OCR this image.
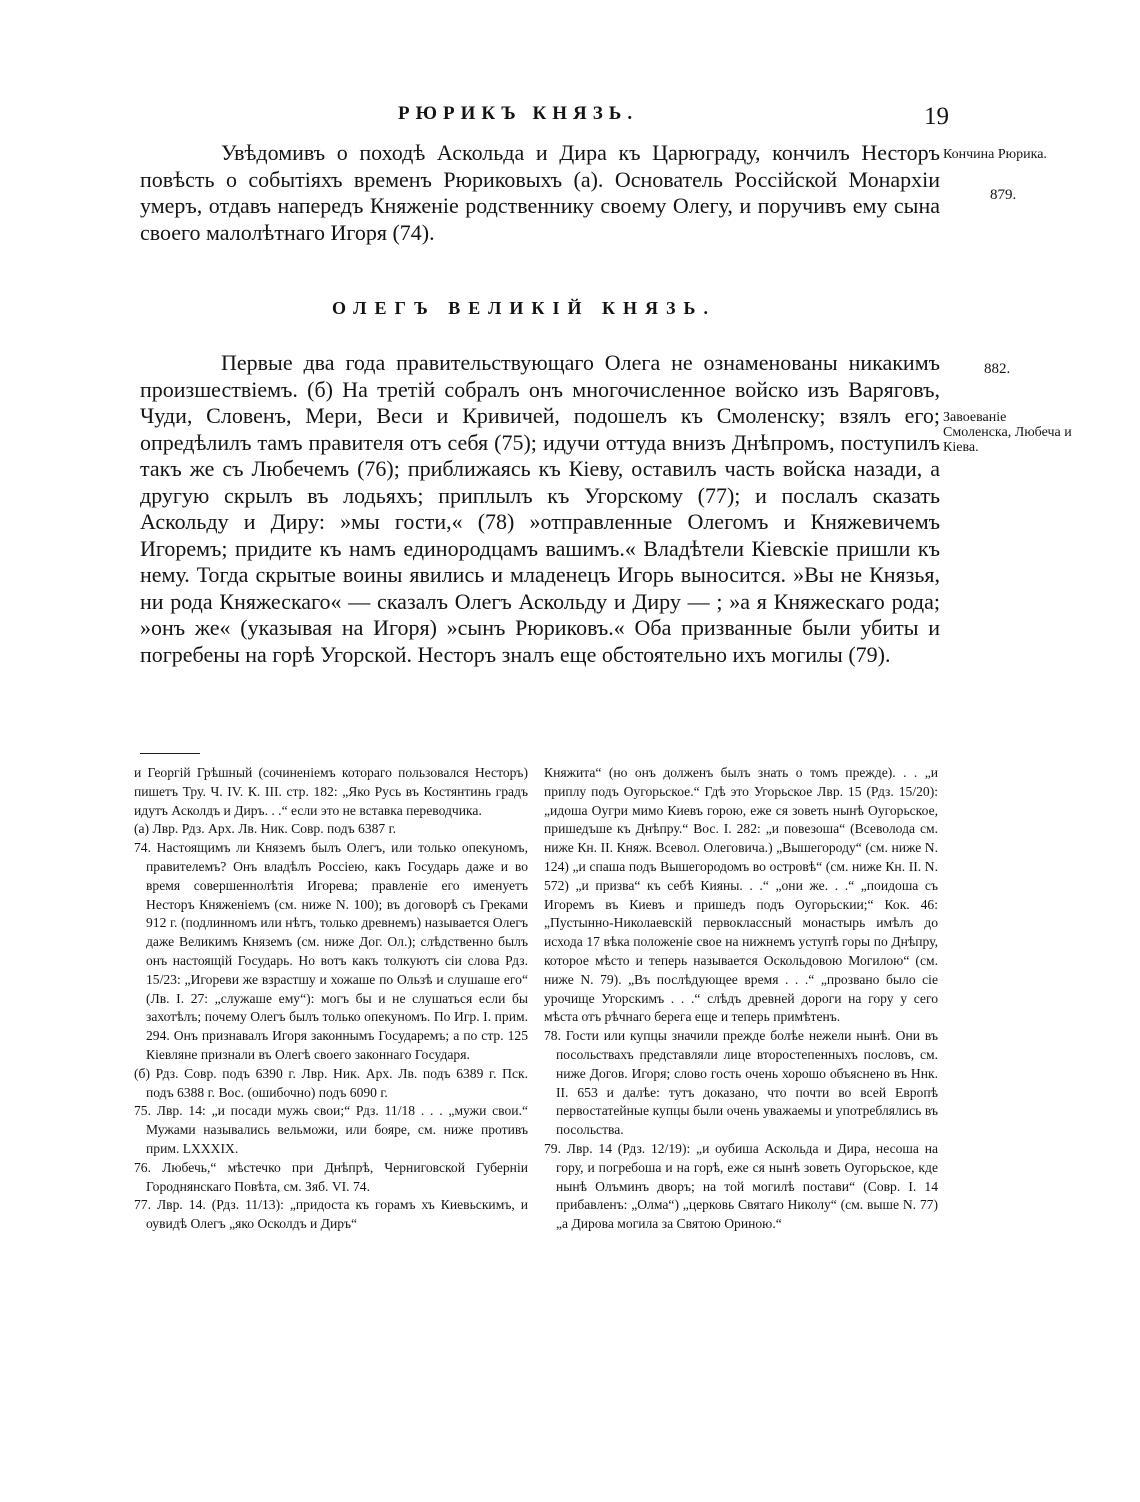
РЮРИКЪ КНЯЗЬ.	19

Увѣдомивъ о походѣ Аскольда и Дира къ Царюграду, кончилъ Несторъ повѣсть о событiяхъ временъ Рюриковыхъ (а). Основатель Россiйской Монархiи умеръ, отдавъ напередъ Княженiе родственнику своему Олегу, и поручивъ ему сына своего малолѣтнаго Игоря (74).

Кончина Рюрика.
879.
ОЛЕГЪ ВЕЛИКIЙ КНЯЗЬ.

Первые два года правительствующаго Олега не ознаменованы никакимъ произшествiемъ. (б) На третiй собралъ онъ многочисленное войско изъ Варяговъ, Чуди, Словенъ, Мери, Веси и Кривичей, подошелъ къ Смоленску; взялъ его; опредѣлилъ тамъ правителя отъ себя (75); идучи оттуда внизъ Днѣпромъ, поступилъ такъ же съ Любечемъ (76); приближаясь къ Кiеву, оставилъ часть войска назади, а другую скрылъ въ лодьяхъ; приплылъ къ Угорскому (77); и послалъ сказать Аскольду и Диру: »мы гости,« (78) »отправленные Олегомъ и Княжевичемъ Игоремъ; придите къ намъ единородцамъ вашимъ.« Владѣтели Кiевскiе пришли къ нему. Тогда скрытые воины явились и младенецъ Игорь выносится. »Вы не Князья, ни рода Княжескаго« — сказалъ Олегъ Аскольду и Диру — ; »а я Княжескаго рода; »онъ же« (указывая на Игоря) »сынъ Рюриковъ.« Оба призванные были убиты и погребены на горѣ Угорской. Несторъ зналъ еще обстоятельно ихъ могилы (79).

882.
Завоеванiе Смоленска, Любеча и Кiева.

и Георгiй Грѣшный (сочиненiемъ котораго пользовался Несторъ) пишетъ Тру. Ч. IV. К. III. стр. 182: „Яко Русь въ Костянтинь градъ идутъ Асколдъ и Диръ. . .“ если это не вставка переводчика.

(а) Лвр. Рдз. Арх. Лв. Ник. Совр. подъ 6387 г.

74. Настоящимъ ли Княземъ былъ Олегъ, или только опекуномъ, правителемъ? Онъ владѣлъ Россiею, какъ Государь даже и во время совершеннолѣтiя Игорева; правленiе его именуетъ Несторъ Княженiемъ (см. ниже N. 100); въ договорѣ съ Греками 912 г. (подлинномъ или нѣтъ, только древнемъ) называется Олегъ даже Великимъ Княземъ (см. ниже Дог. Ол.); слѣдственно былъ онъ настоящiй Государь. Но вотъ какъ толкуютъ сiи слова Рдз. 15/23: „Игореви же взрастшу и хожаше по Ользѣ и слушаше его“ (Лв. I. 27: „служаше ему“): могъ бы и не слушаться если бы захотѣлъ; почему Олегъ былъ только опекуномъ. По Игр. I. прим. 294. Онъ признавалъ Игоря законнымъ Государемъ; а по стр. 125 Кiевляне признали въ Олегѣ своего законнаго Государя.

(б) Рдз. Совр. подъ 6390 г. Лвр. Ник. Арх. Лв. подъ 6389 г. Пск. подъ 6388 г. Вос. (ошибочно) подъ 6090 г.

75. Лвр. 14: „и посади мужь свои;“ Рдз. 11/18 . . . „мужи свои.“ Мужами назывались вельможи, или бояре, см. ниже противъ прим. LXXXIX.

76. Любечь,“ мѣстечко при Днѣпрѣ, Черниговской Губернiи Городнянскаго Повѣта, см. Зяб. VI. 74.

77. Лвр. 14. (Рдз. 11/13): „придоста къ горамъ хъ Киевьскимъ, и оувидѣ Олегъ „яко Осколдъ и Диръ“

Княжита“ (но онъ долженъ былъ знать о томъ прежде). . . „и приплу подъ Оугорьское.“ Гдѣ это Угорьское Лвр. 15 (Рдз. 15/20): „идоша Оугри мимо Киевъ горою, еже ся зоветь нынѣ Оугорьское, пришедъше къ Днѣпру.“ Вос. I. 282: „и повезоша“ (Всеволода см. ниже Кн. II. Княж. Всевол. Олеговича.) „Вышегороду“ (см. ниже N. 124) „и спаша подъ Вышегородомъ во островѣ“ (см. ниже Кн. II. N. 572) „и призва“ къ себѣ Кияны. . .“ „они же. . .“ „поидоша съ Игоремъ въ Киевъ и пришедъ подъ Оугорьскии;“ Кок. 46: „Пустынно-Николаевскiй первоклассный монастырь имѣлъ до исхода 17 вѣка положенiе свое на нижнемъ уступѣ горы по Днѣпру, которое мѣсто и теперь называется Оскольдовою Могилою“ (см. ниже N. 79). „Въ послѣдующее время . . .“ „прозвано было сiе урочище Угорскимъ . . .“ слѣдъ древней дороги на гору у сего мѣста отъ рѣчнаго берега еще и теперь примѣтенъ.

78. Гости или купцы значили прежде болѣе нежели нынѣ. Они въ посольствахъ представляли лице второстепенныхъ пословъ, см. ниже Догов. Игоря; слово гость очень хорошо объяснено въ Ннк. II. 653 и далѣе: тутъ доказано, что почти во всей Европѣ первостатейные купцы были очень уважаемы и употреблялись въ посольства.

79. Лвр. 14 (Рдз. 12/19): „и оубиша Аскольда и Дира, несоша на гору, и погребоша и на горѣ, еже ся нынѣ зоветь Оугорьское, кде нынѣ Олъминъ дворъ; на той могилѣ постави“ (Совр. I. 14 прибавленъ: „Олма“) „церковь Святаго Николу“ (см. выше N. 77) „а Дирова могила за Святою Ориною.“
